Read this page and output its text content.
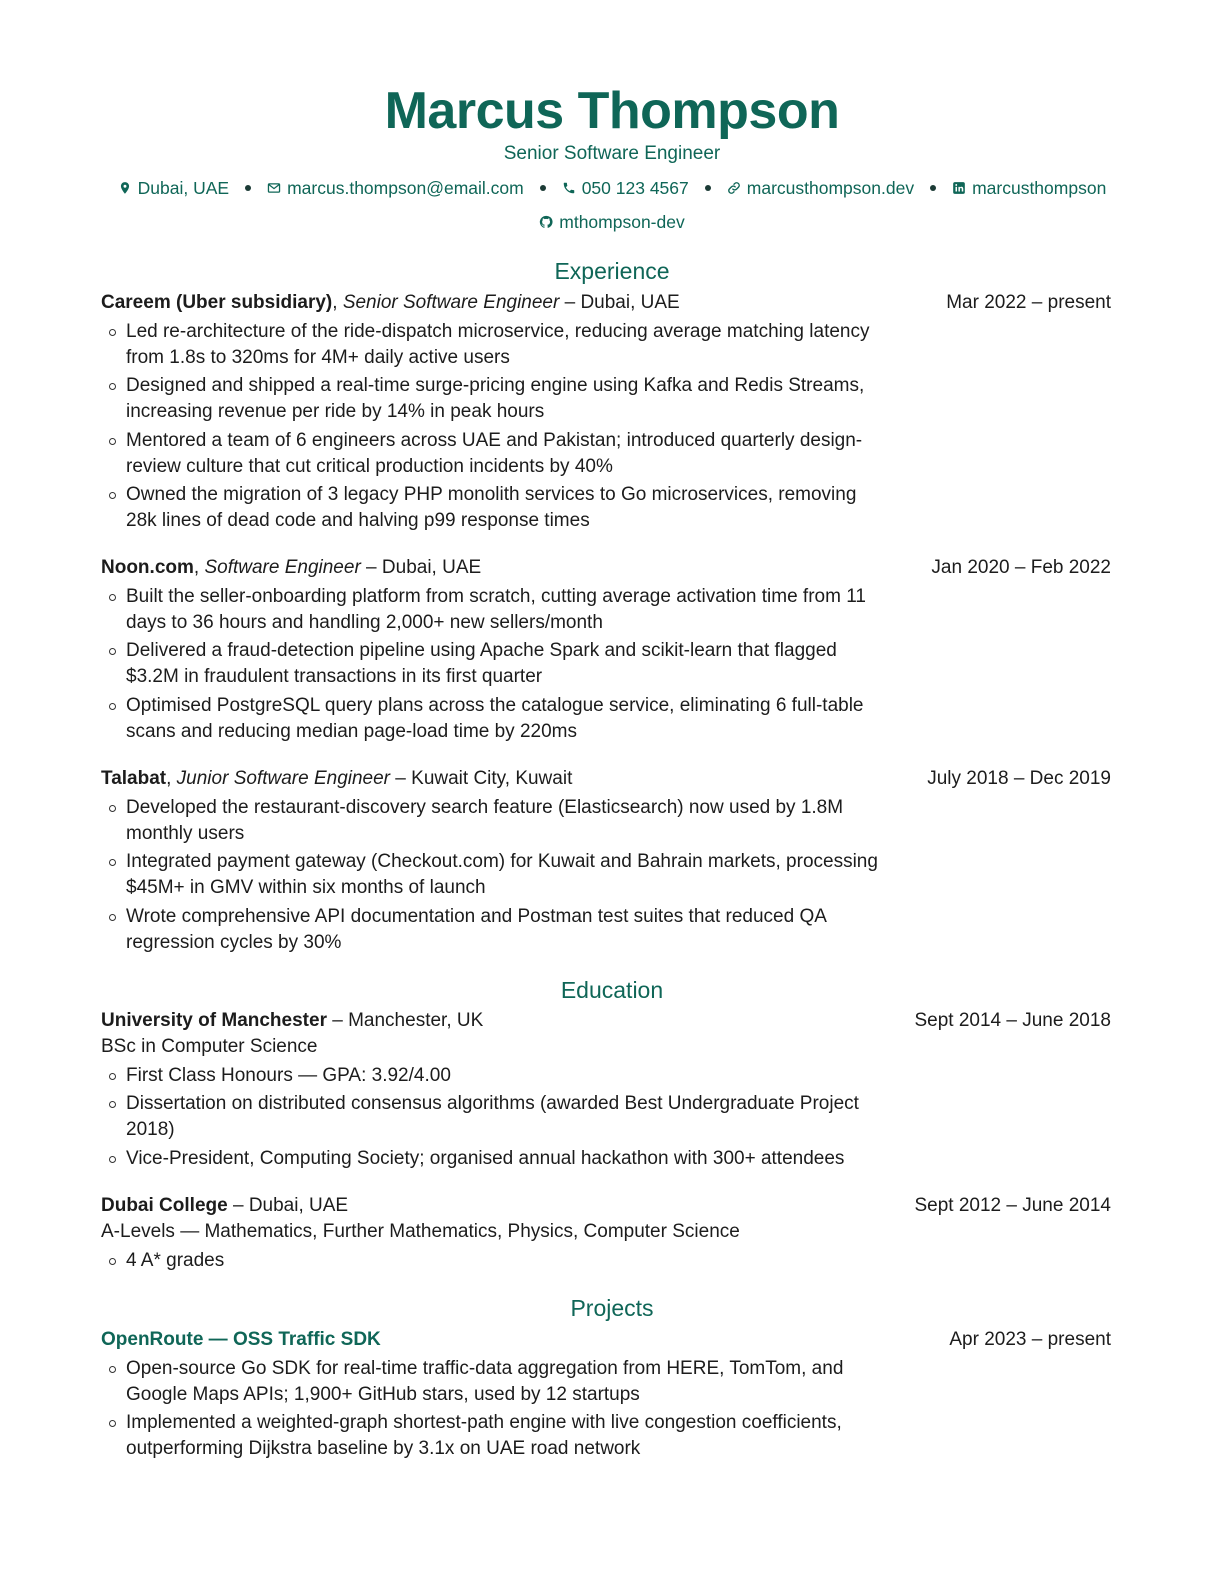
Marcus Thompson
Senior Software Engineer
Dubai, UAE	marcus.thompson@email.com	050 123 4567	marcusthompson.dev	marcusthompson
mthompson-dev
Experience
Careem (Uber subsidiary), Senior Software Engineer – Dubai, UAE	Mar 2022 – present
Led re-architecture of the ride-dispatch microservice, reducing average matching latency from 1.8s to 320ms for 4M+ daily active users
Designed and shipped a real-time surge-pricing engine using Kafka and Redis Streams, increasing revenue per ride by 14% in peak hours
Mentored a team of 6 engineers across UAE and Pakistan; introduced quarterly design-review culture that cut critical production incidents by 40%
Owned the migration of 3 legacy PHP monolith services to Go microservices, removing 28k lines of dead code and halving p99 response times
Noon.com, Software Engineer – Dubai, UAE	Jan 2020 – Feb 2022
Built the seller-onboarding platform from scratch, cutting average activation time from 11 days to 36 hours and handling 2,000+ new sellers/month
Delivered a fraud-detection pipeline using Apache Spark and scikit-learn that flagged $3.2M in fraudulent transactions in its first quarter
Optimised PostgreSQL query plans across the catalogue service, eliminating 6 full-table scans and reducing median page-load time by 220ms
Talabat, Junior Software Engineer – Kuwait City, Kuwait	July 2018 – Dec 2019
Developed the restaurant-discovery search feature (Elasticsearch) now used by 1.8M monthly users
Integrated payment gateway (Checkout.com) for Kuwait and Bahrain markets, processing $45M+ in GMV within six months of launch
Wrote comprehensive API documentation and Postman test suites that reduced QA regression cycles by 30%
Education
University of Manchester – Manchester, UK	Sept 2014 – June 2018
BSc in Computer Science
First Class Honours — GPA: 3.92/4.00
Dissertation on distributed consensus algorithms (awarded Best Undergraduate Project 2018)
Vice-President, Computing Society; organised annual hackathon with 300+ attendees
Dubai College – Dubai, UAE	Sept 2012 – June 2014
A-Levels — Mathematics, Further Mathematics, Physics, Computer Science
4 A* grades
Projects
OpenRoute — OSS Traffic SDK	Apr 2023 – present
Open-source Go SDK for real-time traffic-data aggregation from HERE, TomTom, and Google Maps APIs; 1,900+ GitHub stars, used by 12 startups
Implemented a weighted-graph shortest-path engine with live congestion coefficients, outperforming Dijkstra baseline by 3.1x on UAE road network
